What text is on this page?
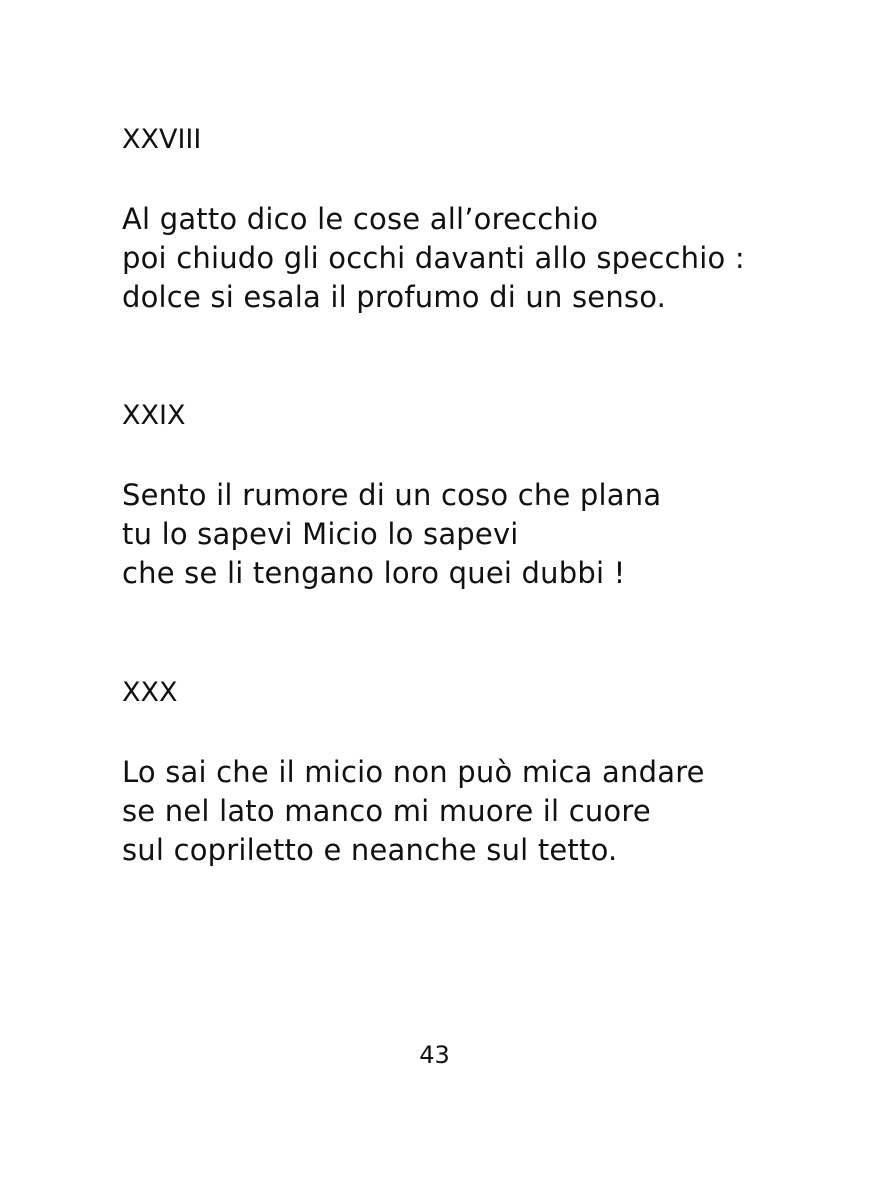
XXVIII
Al gatto dico le cose all’orecchio
poi chiudo gli occhi davanti allo specchio :
dolce si esala il profumo di un senso.
XXIX
Sento il rumore di un coso che plana
tu lo sapevi Micio lo sapevi
che se li tengano loro quei dubbi !
XXX
Lo sai che il micio non può mica andare
se nel lato manco mi muore il cuore
sul copriletto e neanche sul tetto.
43
